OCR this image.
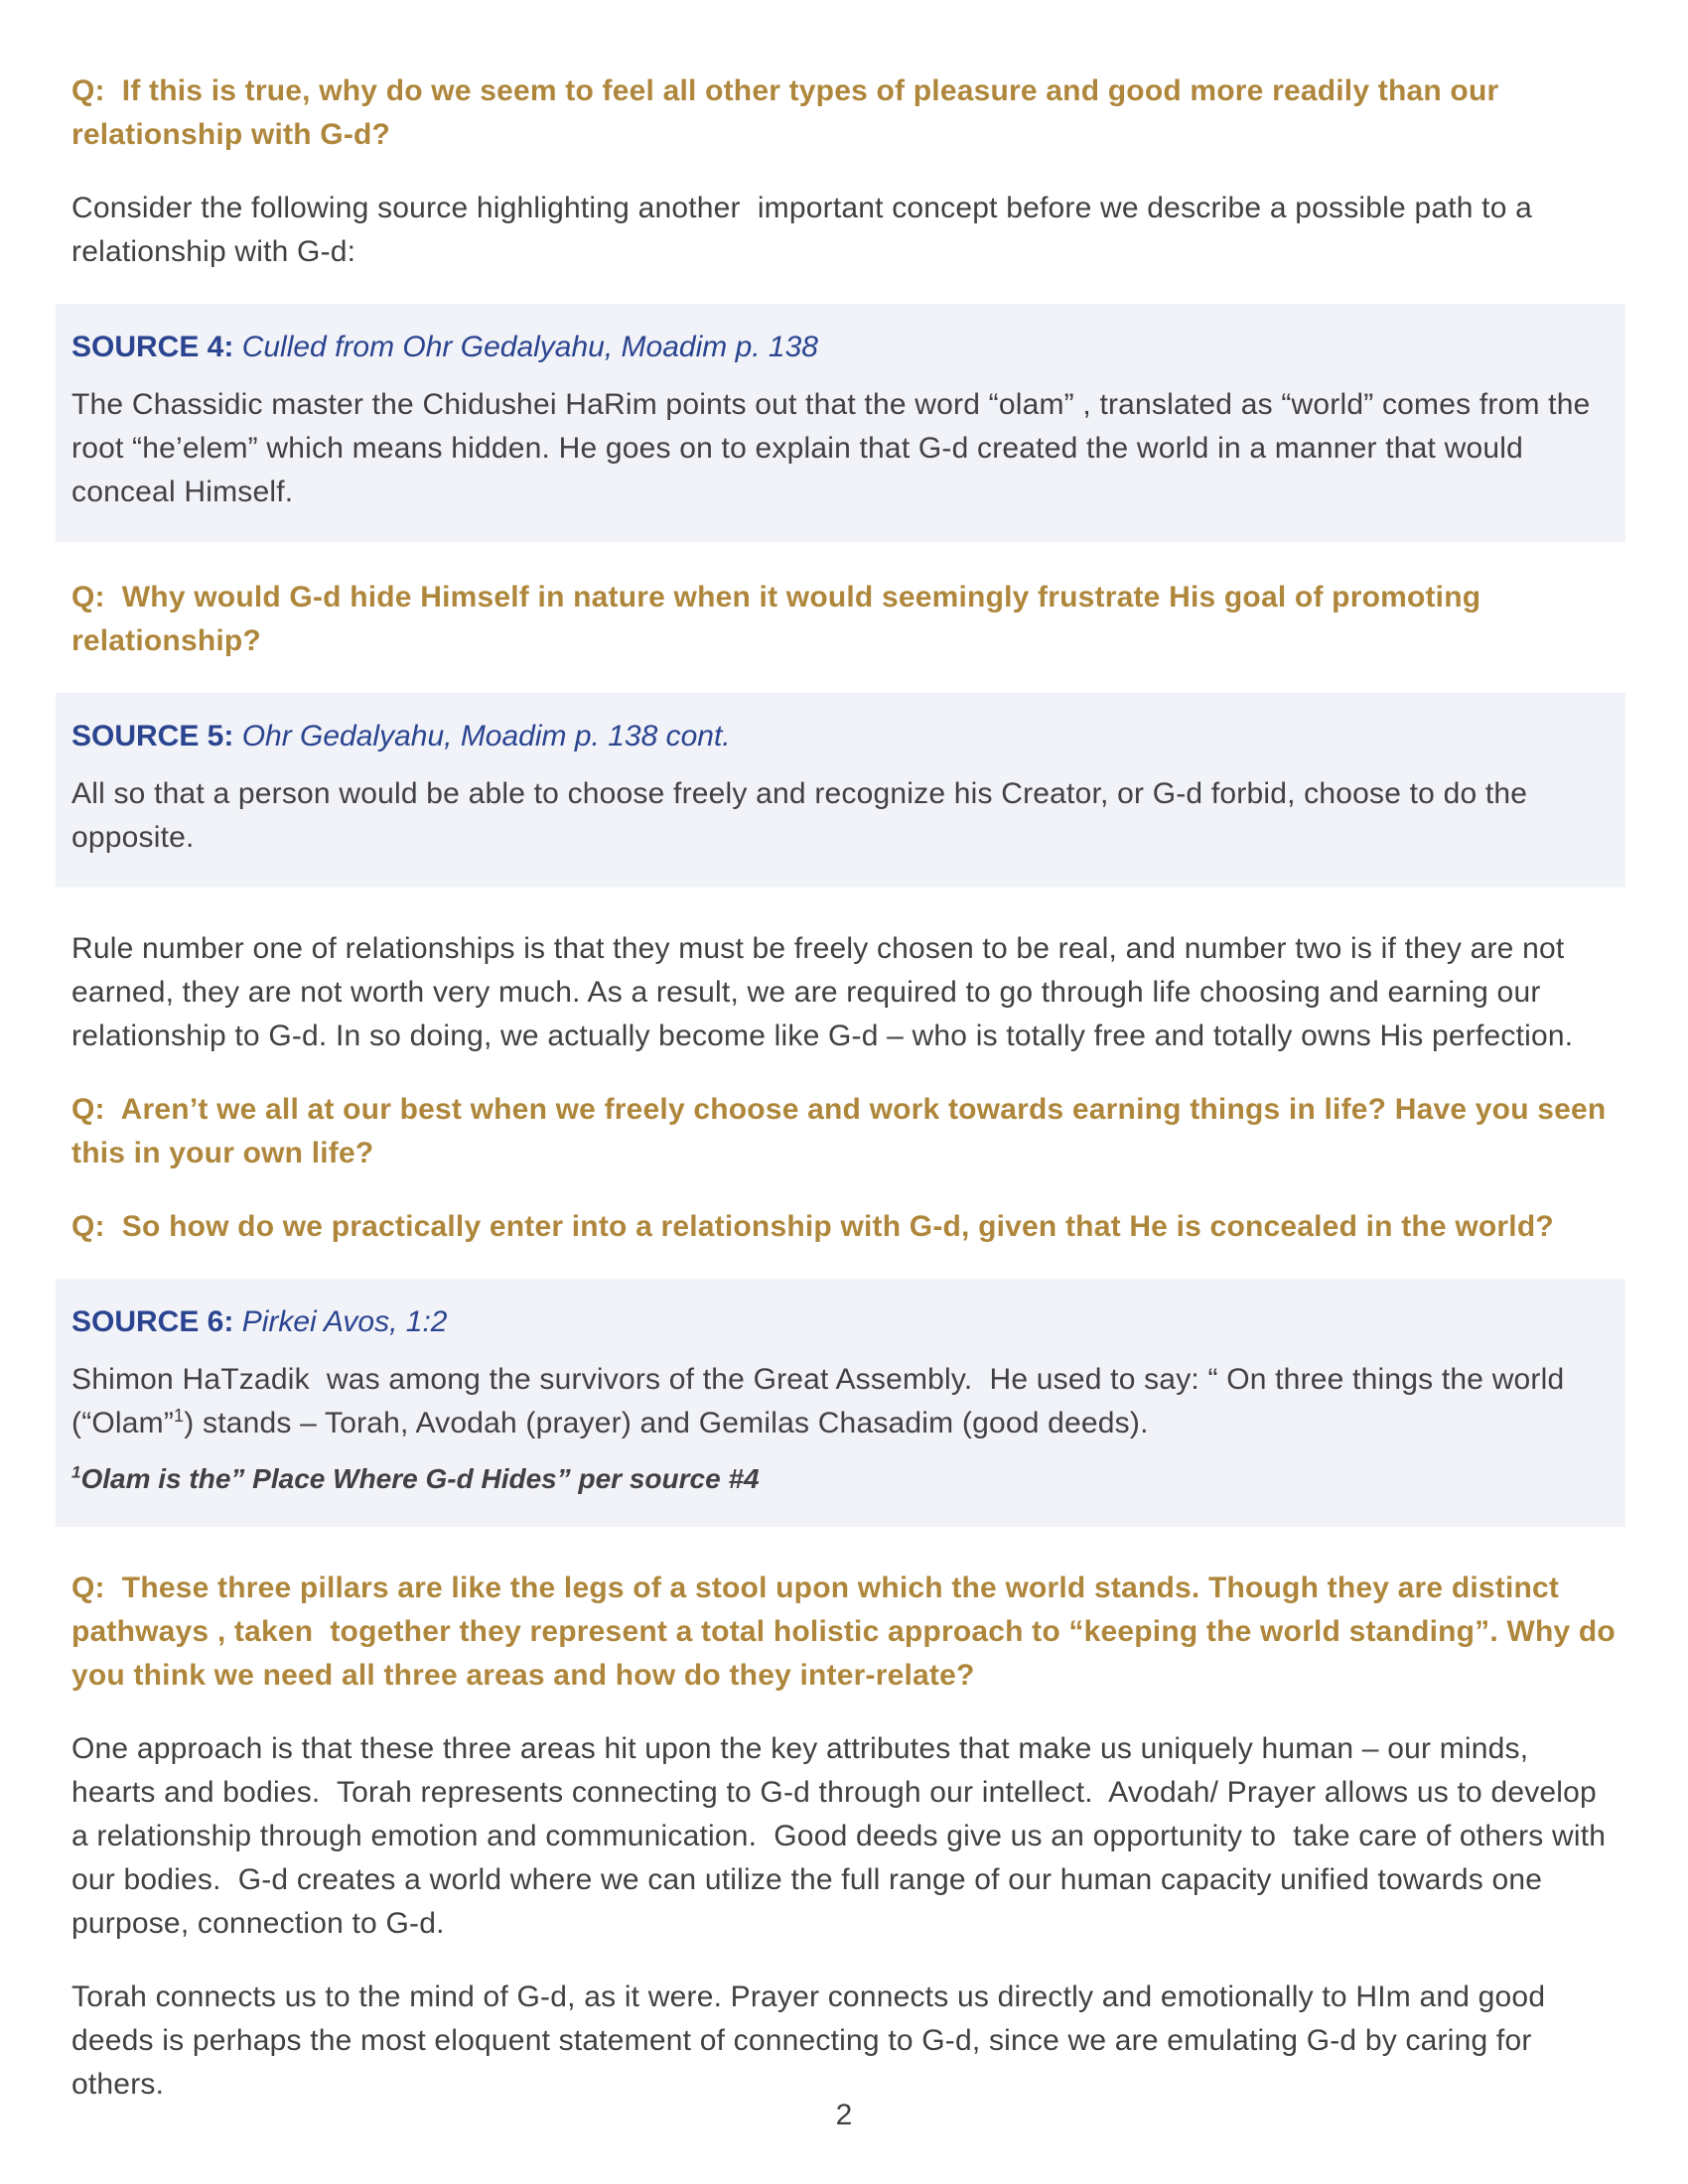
Q:  If this is true, why do we seem to feel all other types of pleasure and good more readily than our relationship with G-d?

Consider the following source highlighting another  important concept before we describe a possible path to a relationship with G-d:

SOURCE 4: Culled from Ohr Gedalyahu, Moadim p. 138

The Chassidic master the Chidushei HaRim points out that the word “olam” , translated as “world” comes from the root “he’elem” which means hidden. He goes on to explain that G-d created the world in a manner that would conceal Himself.

Q:  Why would G-d hide Himself in nature when it would seemingly frustrate His goal of promoting relationship?

SOURCE 5: Ohr Gedalyahu, Moadim p. 138 cont.

All so that a person would be able to choose freely and recognize his Creator, or G-d forbid, choose to do the opposite.

Rule number one of relationships is that they must be freely chosen to be real, and number two is if they are not earned, they are not worth very much. As a result, we are required to go through life choosing and earning our relationship to G-d. In so doing, we actually become like G-d – who is totally free and totally owns His perfection.

Q:  Aren’t we all at our best when we freely choose and work towards earning things in life? Have you seen this in your own life?

Q:  So how do we practically enter into a relationship with G-d, given that He is concealed in the world?

SOURCE 6: Pirkei Avos, 1:2

Shimon HaTzadik  was among the survivors of the Great Assembly.  He used to say: “ On three things the world (“Olam”$^1$) stands – Torah, Avodah (prayer) and Gemilas Chasadim (good deeds).

$^1$Olam is the” Place Where G-d Hides” per source #4

Q:  These three pillars are like the legs of a stool upon which the world stands. Though they are distinct pathways , taken  together they represent a total holistic approach to “keeping the world standing”. Why do you think we need all three areas and how do they inter-relate?

One approach is that these three areas hit upon the key attributes that make us uniquely human – our minds, hearts and bodies.  Torah represents connecting to G-d through our intellect.  Avodah/ Prayer allows us to develop a relationship through emotion and communication.  Good deeds give us an opportunity to  take care of others with our bodies.  G-d creates a world where we can utilize the full range of our human capacity unified towards one purpose, connection to G-d.

Torah connects us to the mind of G-d, as it were. Prayer connects us directly and emotionally to HIm and good deeds is perhaps the most eloquent statement of connecting to G-d, since we are emulating G-d by caring for others.

2
